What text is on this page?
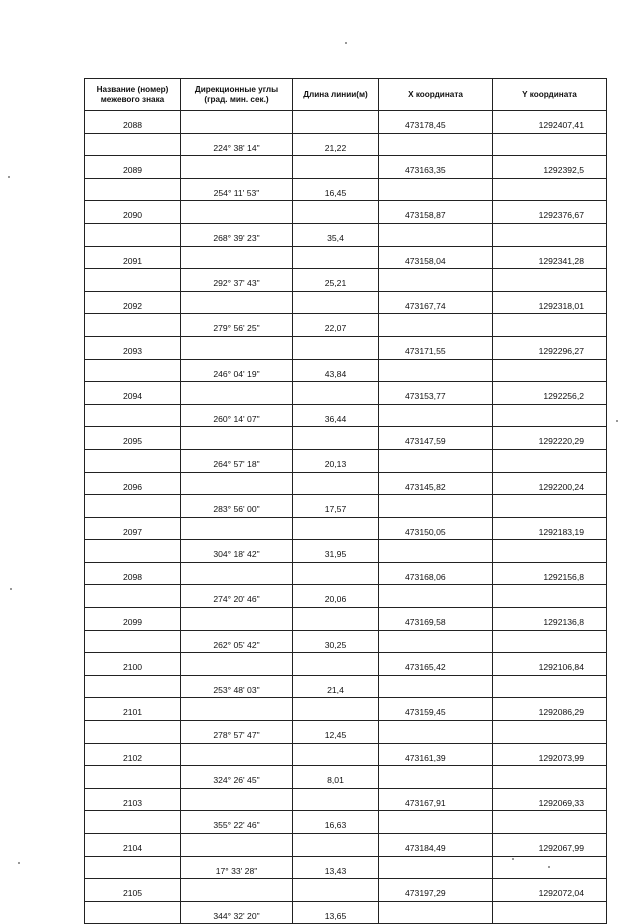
Название (номер) межевого знака	Дирекционные углы (град. мин. сек.)	Длина линии(м)	X координата	Y координата
2088			473178,45	1292407,41
	224° 38' 14"	21,22		
2089			473163,35	1292392,5
	254° 11' 53"	16,45		
2090			473158,87	1292376,67
	268° 39' 23"	35,4		
2091			473158,04	1292341,28
	292° 37' 43"	25,21		
2092			473167,74	1292318,01
	279° 56' 25"	22,07		
2093			473171,55	1292296,27
	246° 04' 19"	43,84		
2094			473153,77	1292256,2
	260° 14' 07"	36,44		
2095			473147,59	1292220,29
	264° 57' 18"	20,13		
2096			473145,82	1292200,24
	283° 56' 00"	17,57		
2097			473150,05	1292183,19
	304° 18' 42"	31,95		
2098			473168,06	1292156,8
	274° 20' 46"	20,06		
2099			473169,58	1292136,8
	262° 05' 42"	30,25		
2100			473165,42	1292106,84
	253° 48' 03"	21,4		
2101			473159,45	1292086,29
	278° 57' 47"	12,45		
2102			473161,39	1292073,99
	324° 26' 45"	8,01		
2103			473167,91	1292069,33
	355° 22' 46"	16,63		
2104			473184,49	1292067,99
	17° 33' 28"	13,43		
2105			473197,29	1292072,04
	344° 32' 20"	13,65		
